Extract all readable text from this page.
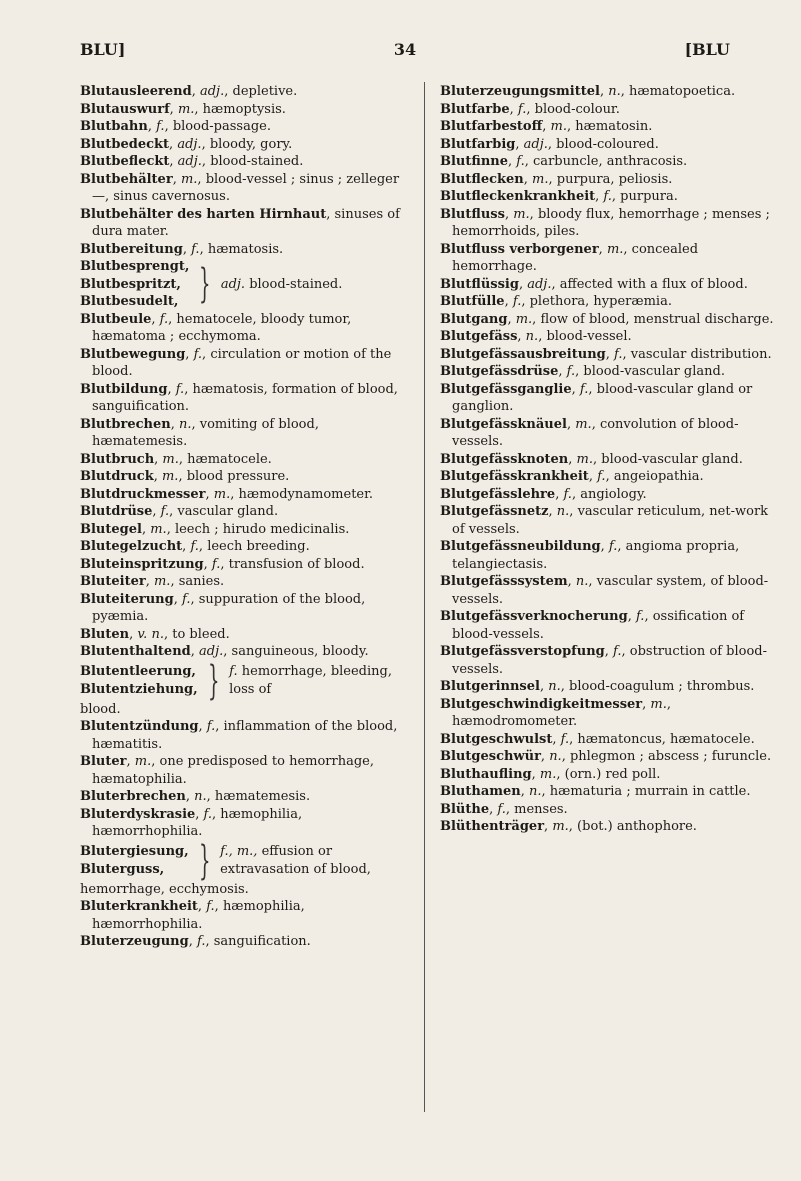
BLU]	34	[BLU
Blutausleerend, adj., depletive.
Blutauswurf, m., hæmoptysis.
Blutbahn, f., blood-passage.
Blutbedeckt, adj., bloody, gory.
Blutbefleckt, adj., blood-stained.
Blutbehälter, m., blood-vessel ; sinus ; zelleger —, sinus cavernosus.
Blutbehälter des harten Hirnhaut, sinuses of dura mater.
Blutbereitung, f., hæmatosis.
Blutbesprengt,
Blutbespritzt,
Blutbesudelt, } adj. blood-stained.
Blutbeule, f., hematocele, bloody tumor, hæmatoma ; ecchymoma.
Blutbewegung, f., circulation or motion of the blood.
Blutbildung, f., hæmatosis, formation of blood, sanguification.
Blutbrechen, n., vomiting of blood, hæmatemesis.
Blutbruch, m., hæmatocele.
Blutdruck, m., blood pressure.
Blutdruckmesser, m., hæmodynamometer.
Blutdrüse, f., vascular gland.
Blutegel, m., leech ; hirudo medicinalis.
Blutegelzucht, f., leech breeding.
Bluteinspritzung, f., transfusion of blood.
Bluteiter, m., sanies.
Bluteiterung, f., suppuration of the blood, pyæmia.
Bluten, v. n., to bleed.
Blutenthaltend, adj., sanguineous, bloody.
Blutentleerung,
Blutentziehung, } f. hemorrhage, bleeding, loss of
blood.
Blutentzündung, f., inflammation of the blood, hæmatitis.
Bluter, m., one predisposed to hemorrhage, hæmatophilia.
Bluterbrechen, n., hæmatemesis.
Bluterdyskrasie, f., hæmophilia, hæmorrhophilia.
Blutergiesung,
Bluterguss, } f., m., effusion or extravasation of blood,
hemorrhage, ecchymosis.
Bluterkrankheit, f., hæmophilia, hæmorrhophilia.
Bluterzeugung, f., sanguification.
Bluterzeugungsmittel, n., hæmatopoetica.
Blutfarbe, f., blood-colour.
Blutfarbestoff, m., hæmatosin.
Blutfarbig, adj., blood-coloured.
Blutfinne, f., carbuncle, anthracosis.
Blutflecken, m., purpura, peliosis.
Blutfleckenkrankheit, f., purpura.
Blutfluss, m., bloody flux, hemorrhage ; menses ; hemorrhoids, piles.
Blutfluss verborgener, m., concealed hemorrhage.
Blutflüssig, adj., affected with a flux of blood.
Blutfülle, f., plethora, hyperæmia.
Blutgang, m., flow of blood, menstrual discharge.
Blutgefäss, n., blood-vessel.
Blutgefässausbreitung, f., vascular distribution.
Blutgefässdrüse, f., blood-vascular gland.
Blutgefässganglie, f., blood-vascular gland or ganglion.
Blutgefässknäuel, m., convolution of blood-vessels.
Blutgefässknoten, m., blood-vascular gland.
Blutgefässkrankheit, f., angeiopathia.
Blutgefässlehre, f., angiology.
Blutgefässnetz, n., vascular reticulum, net-work of vessels.
Blutgefässneubildung, f., angioma propria, telangiectasis.
Blutgefässsystem, n., vascular system, of blood-vessels.
Blutgefässverknocherung, f., ossification of blood-vessels.
Blutgefässverstopfung, f., obstruction of blood-vessels.
Blutgerinnsel, n., blood-coagulum ; thrombus.
Blutgeschwindigkeitmesser, m., hæmodromometer.
Blutgeschwulst, f., hæmatoncus, hæmatocele.
Blutgeschwür, n., phlegmon ; abscess ; furuncle.
Bluthaufling, m., (orn.) red poll.
Bluthamen, n., hæmaturia ; murrain in cattle.
Blüthe, f., menses.
Blüthenträger, m., (bot.) anthophore.
